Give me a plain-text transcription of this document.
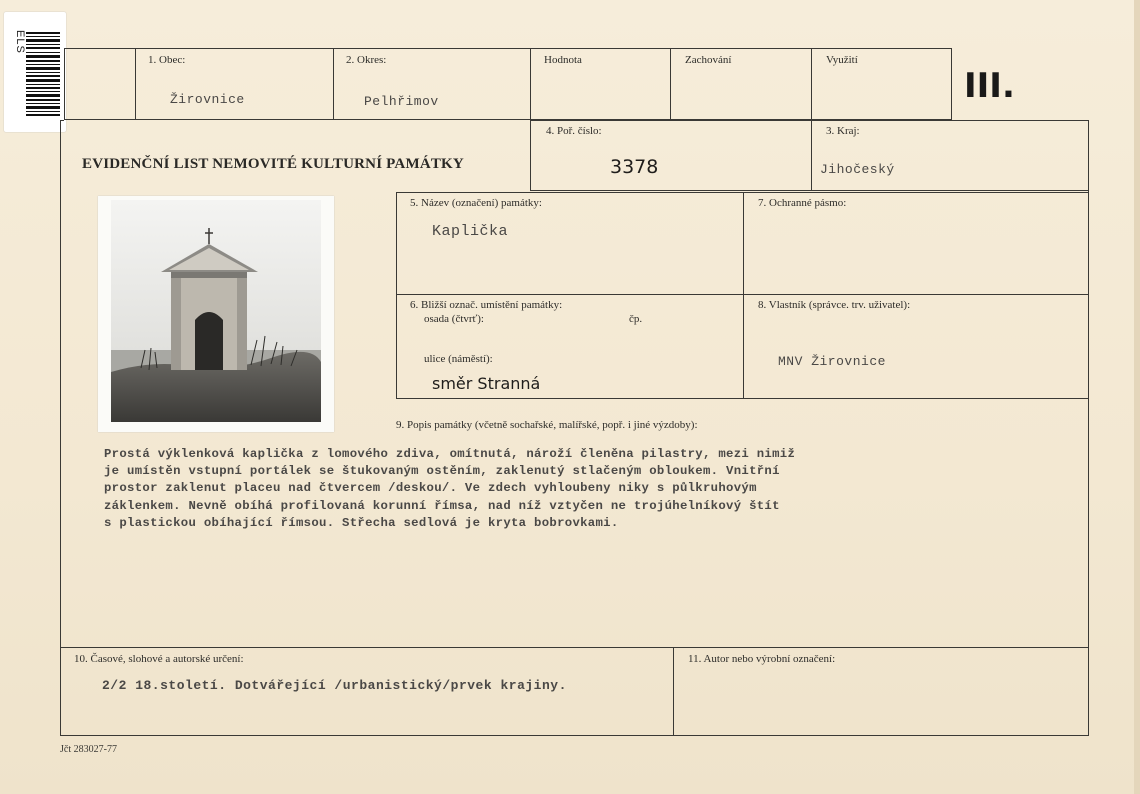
ELS
1. Obec:
Žirovnice
2. Okres:
Pelhřimov
Hodnota	Zachování	Využití
III.
EVIDENČNÍ LIST NEMOVITÉ KULTURNÍ PAMÁTKY
4. Poř. číslo:
3378
3. Kraj:
Jihočeský
5. Název (označení) památky:
Kaplička
7. Ochranné pásmo:
6. Bližší označ. umístění památky:
osada (čtvrť):	čp.
ulice (náměstí):
směr Stranná
8. Vlastník (správce. trv. uživatel):
MNV Žirovnice
9. Popis památky (včetně sochařské, malířské, popř. i jiné výzdoby):
Prostá výklenková kaplička z lomového zdiva, omítnutá, nároží členěna pilastry, mezi nimiž
je umístěn vstupní portálek se štukovaným ostěním, zaklenutý stlačeným obloukem. Vnitřní
prostor zaklenut placeu nad čtvercem /deskou/. Ve zdech vyhloubeny niky s půlkruhovým
záklenkem. Nevně obíhá profilovaná korunní římsa, nad níž vztyčen ne trojúhelníkový štít
s plastickou obíhající římsou. Střecha sedlová je kryta bobrovkami.
10. Časové, slohové a autorské určení:
2/2 18.století. Dotvářející /urbanistický/prvek krajiny.
11. Autor nebo výrobní označení:
Jčt 283027-77
